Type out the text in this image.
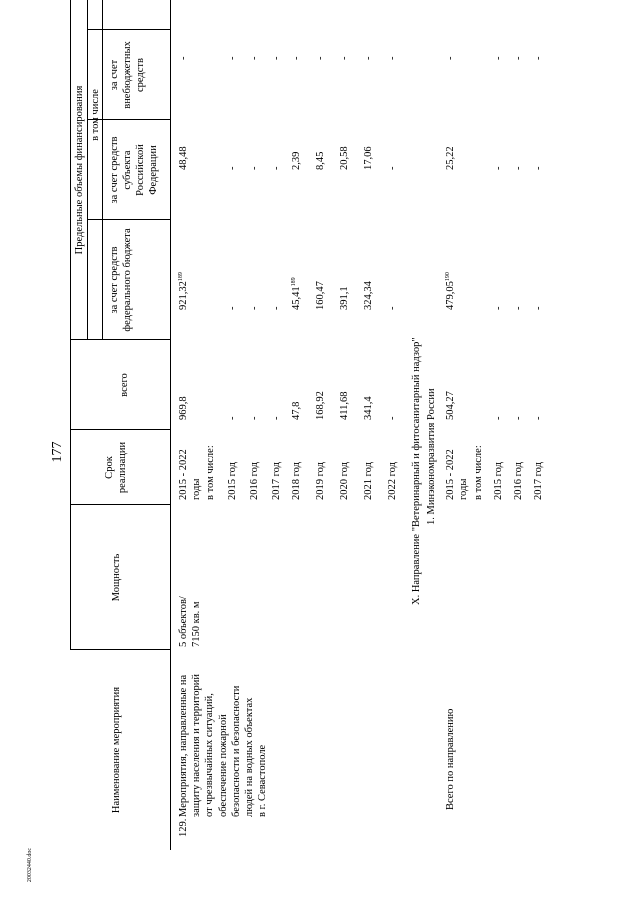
177
20032440.doc
Наименование мероприятия
Мощность
Срок реализации
Предельные объемы финансирования
всего
в том числе
за счет средств федерального бюджета
за счет средств субъекта Российской Федерации
за счет внебюджетных средств
129.
Мероприятия, направленные на защиту населения и территорий от чрезвычайных ситуаций, обеспечение пожарной безопасности и безопасности людей на водных объектах в г. Севастополе
5 объектов/ 7150 кв. м
2015 - 2022 годы
969,8
921,32$^{189}$
48,48
-
в том числе: 2015 год
-
-
-
-
2016 год
-
-
-
-
2017 год
-
-
-
-
2018 год
47,8
45,41$^{189}$
2,39
-
2019 год
168,92
160,47
8,45
-
2020 год
411,68
391,1
20,58
-
2021 год
341,4
324,34
17,06
-
2022 год
-
-
-
-
X. Направление "Ветеринарный и фитосанитарный надзор" 1. Минэкономразвития России
Всего по направлению
2015 - 2022 годы
504,27
479,05$^{190}$
25,22
-
в том числе: 2015 год
-
-
-
-
2016 год
-
-
-
-
2017 год
-
-
-
-
